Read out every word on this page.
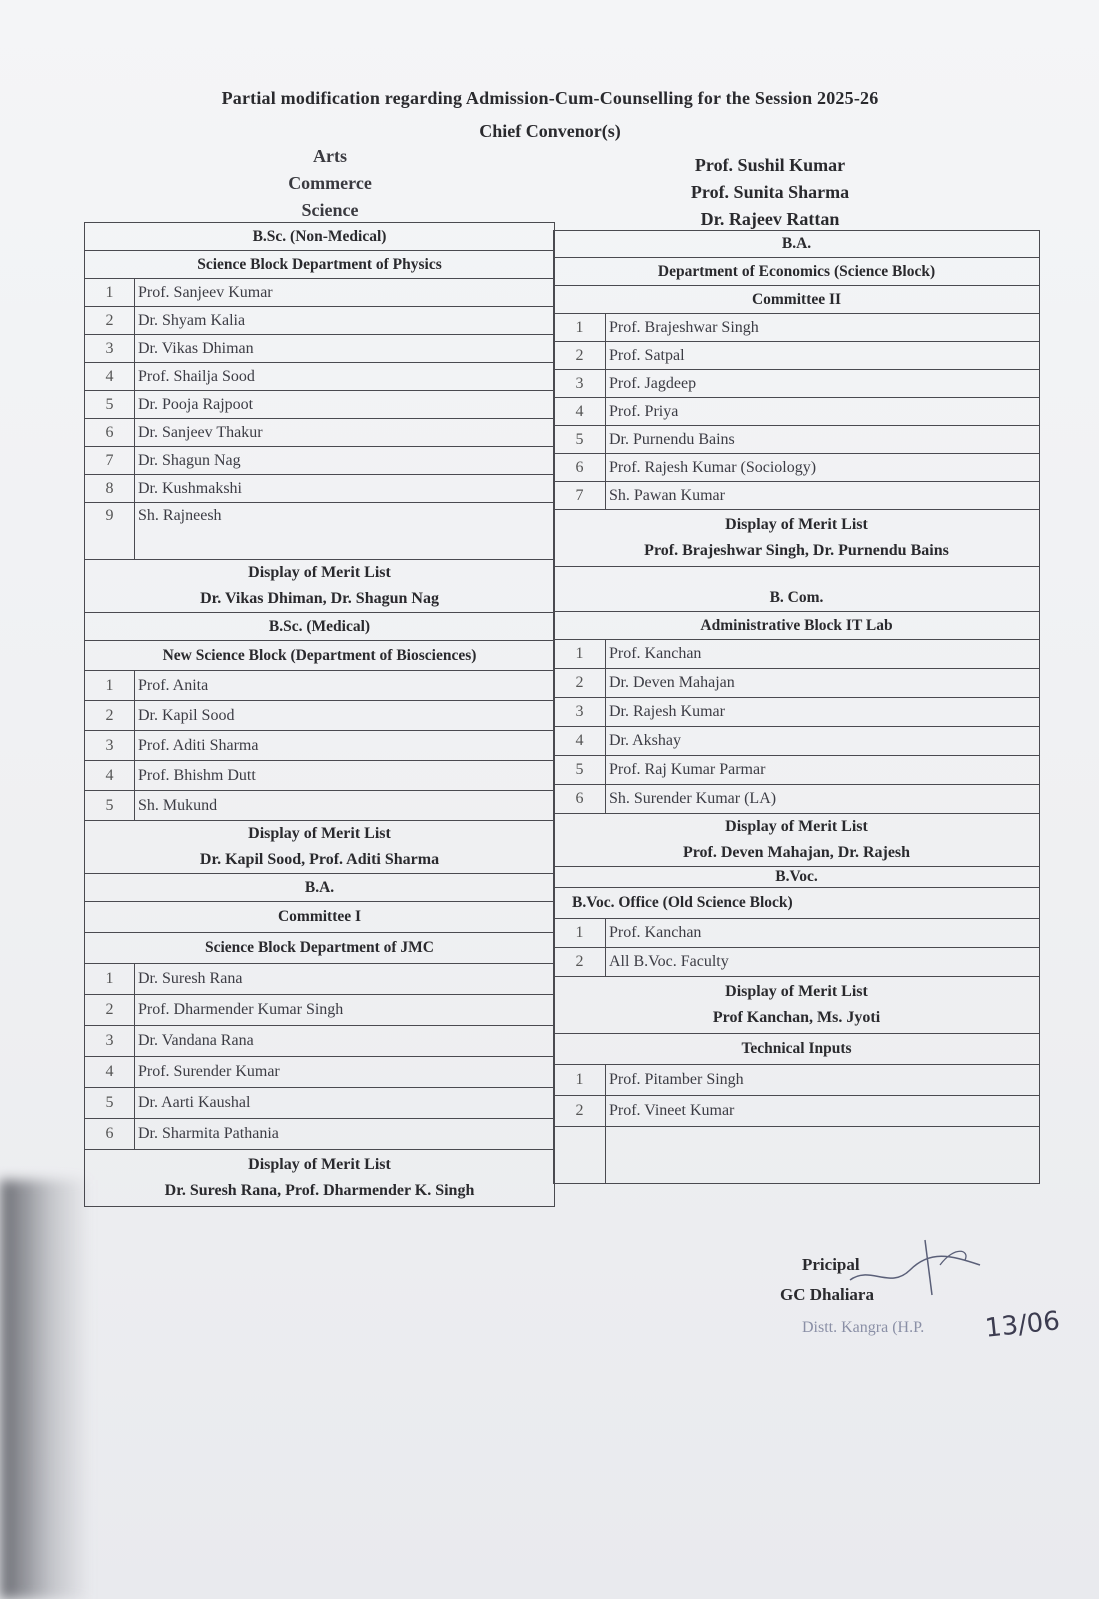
Partial modification regarding Admission-Cum-Counselling for the Session 2025-26
Chief Convenor(s)
Arts
Commerce
Science
Prof. Sushil Kumar
Prof. Sunita Sharma
Dr. Rajeev Rattan
B.Sc. (Non-Medical)	
Science Block Department of Physics	
1	Prof. Sanjeev Kumar
2	Dr. Shyam Kalia
3	Dr. Vikas Dhiman
4	Prof. Shailja Sood
5	Dr. Pooja Rajpoot
6	Dr. Sanjeev Thakur
7	Dr. Shagun Nag
8	Dr. Kushmakshi
9	Sh. Rajneesh

Display of Merit List
Dr. Vikas Dhiman, Dr. Shagun Nag	

B.Sc. (Medical)	
New Science Block (Department of Biosciences)	
1	Prof. Anita
2	Dr. Kapil Sood
3	Prof. Aditi Sharma
4	Prof. Bhishm Dutt
5	Sh. Mukund

Display of Merit List
Dr. Kapil Sood, Prof. Aditi Sharma	

B.A.	
Committee I	
Science Block Department of JMC	
1	Dr. Suresh Rana
2	Prof. Dharmender Kumar Singh
3	Dr. Vandana Rana
4	Prof. Surender Kumar
5	Dr. Aarti Kaushal
6	Dr. Sharmita Pathania

Display of Merit List
Dr. Suresh Rana, Prof. Dharmender K. Singh	
B.A.	
Department of Economics (Science Block)	
Committee II	
1	Prof. Brajeshwar Singh
2	Prof. Satpal
3	Prof. Jagdeep
4	Prof. Priya
5	Dr. Purnendu Bains
6	Prof. Rajesh Kumar (Sociology)
7	Sh. Pawan Kumar

Display of Merit List
Prof. Brajeshwar Singh, Dr. Purnendu Bains	

B. Com.	
Administrative Block IT Lab	
1	Prof. Kanchan
2	Dr. Deven Mahajan
3	Dr. Rajesh Kumar
4	Dr. Akshay
5	Prof. Raj Kumar Parmar
6	Sh. Surender Kumar (LA)

Display of Merit List
Prof. Deven Mahajan, Dr. Rajesh	

B.Voc.	
B.Voc. Office (Old Science Block)	
1	Prof. Kanchan
2	All B.Voc. Faculty

Display of Merit List
Prof Kanchan, Ms. Jyoti	

Technical Inputs	
1	Prof. Pitamber Singh
2	Prof. Vineet Kumar

Pricipal
GC Dhaliara
Distt. Kangra (H.P. 13/06
